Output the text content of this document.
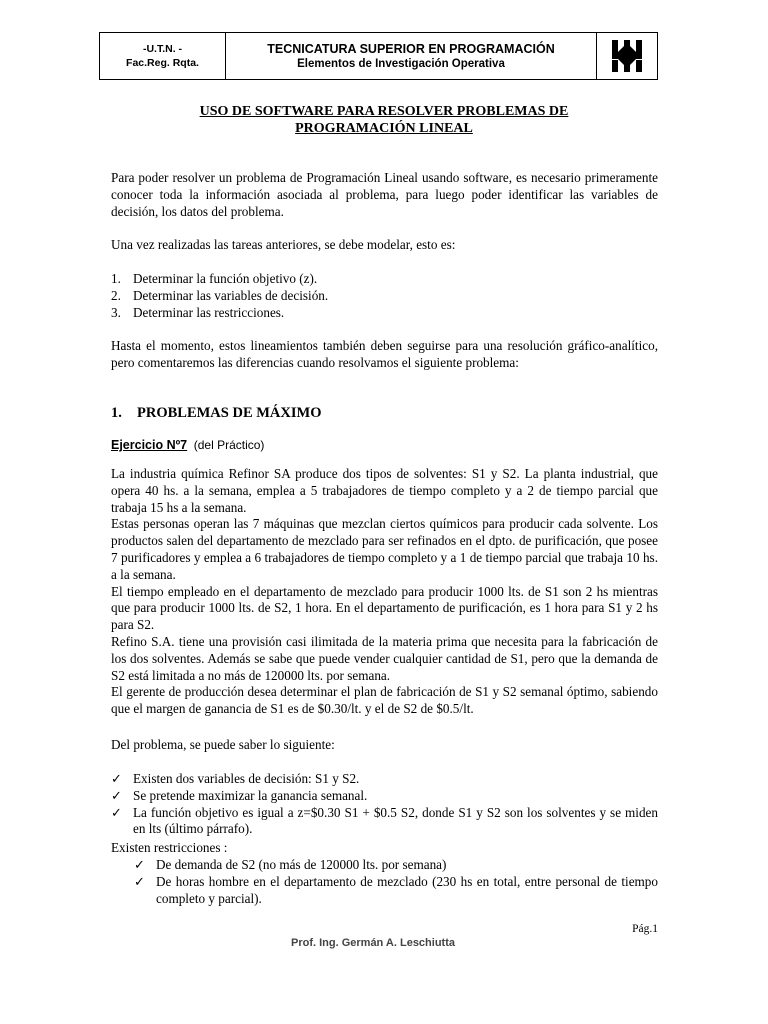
-U.T.N. -
Fac.Reg. Rqta.
TECNICATURA SUPERIOR EN PROGRAMACIÓN
Elementos de Investigación Operativa
USO DE SOFTWARE PARA RESOLVER PROBLEMAS DE
PROGRAMACIÓN LINEAL
Para poder resolver un problema de Programación Lineal usando software, es necesario primeramente conocer toda la información asociada al problema, para luego poder identificar las variables de decisión, los datos del problema.
Una vez realizadas las tareas anteriores, se debe modelar, esto es:
1. Determinar la función objetivo (z).
2. Determinar las variables de decisión.
3. Determinar las restricciones.
Hasta el momento, estos lineamientos también deben seguirse para una resolución gráfico-analítico, pero comentaremos las diferencias cuando resolvamos el siguiente problema:
1. PROBLEMAS DE MÁXIMO
Ejercicio Nº7 (del Práctico)
La industria química Refinor SA produce dos tipos de solventes: S1 y S2. La planta industrial, que opera 40 hs. a la semana, emplea a 5 trabajadores de tiempo completo y a 2 de tiempo parcial que trabaja 15 hs a la semana.
Estas personas operan las 7 máquinas que mezclan ciertos químicos para producir cada solvente. Los productos salen del departamento de mezclado para ser refinados en el dpto. de purificación, que posee 7 purificadores y emplea a 6 trabajadores de tiempo completo y a 1 de tiempo parcial que trabaja 10 hs. a la semana.
El tiempo empleado en el departamento de mezclado para producir 1000 lts. de S1 son 2 hs mientras que para producir 1000 lts. de S2, 1 hora. En el departamento de purificación, es 1 hora para S1 y 2 hs para S2.
Refino S.A. tiene una provisión casi ilimitada de la materia prima que necesita para la fabricación de los dos solventes. Además se sabe que puede vender cualquier cantidad de S1, pero que la demanda de S2 está limitada a no más de 120000 lts. por semana.
El gerente de producción desea determinar el plan de fabricación de S1 y S2 semanal óptimo, sabiendo que el margen de ganancia de S1 es de $0.30/lt. y el de S2 de $0.5/lt.
Del problema, se puede saber lo siguiente:
✓ Existen dos variables de decisión: S1 y S2.
✓ Se pretende maximizar la ganancia semanal.
✓ La función objetivo es igual a z=$0.30 S1 + $0.5 S2, donde S1 y S2 son los solventes y se miden en lts (último párrafo).
Existen restricciones :
✓ De demanda de S2 (no más de 120000 lts. por semana)
✓ De horas hombre en el departamento de mezclado (230 hs en total, entre personal de tiempo completo y parcial).
Pág.1
Prof. Ing. Germán A. Leschiutta
